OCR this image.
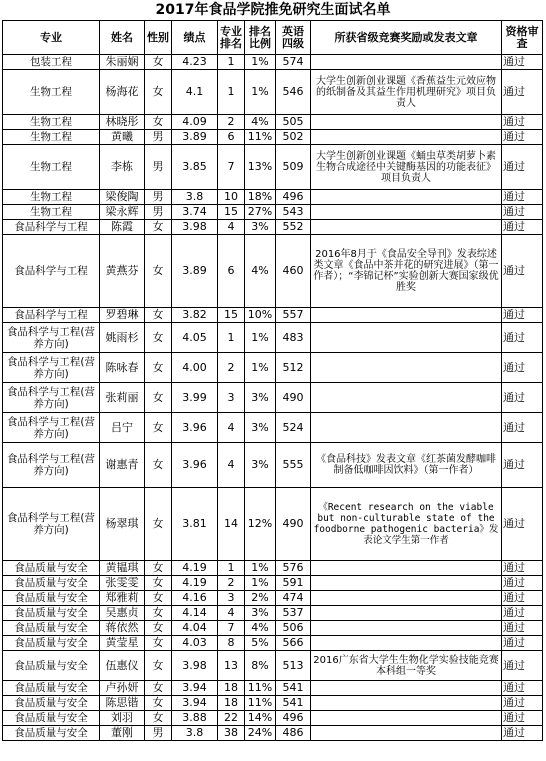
2017年食品学院推免研究生面试名单
专业	姓名	性别	绩点	专业排名	排名比例	英语四级	所获省级竞赛奖励或发表文章	资格审查
包装工程	朱丽娴	女	4.23	1	1%	574		通过
生物工程	杨海花	女	4.1	1	1%	546	大学生创新创业课题《香蕉益生元效应物的纸制备及其益生作用机理研究》项目负责人	通过
生物工程	林晓彤	女	4.09	2	4%	505		通过
生物工程	黄曦	男	3.89	6	11%	502		通过
生物工程	李栋	男	3.85	7	13%	509	大学生创新创业课题《蛹虫草类胡萝卜素生物合成途径中关键酶基因的功能表征》项目负责人	通过
生物工程	梁俊陶	男	3.8	10	18%	496		通过
生物工程	梁永辉	男	3.74	15	27%	543		通过
食品科学与工程	陈霞	女	3.98	4	3%	552		通过
食品科学与工程	黄燕芬	女	3.89	6	4%	460	2016年8月于《食品安全导刊》发表综述类文章《食品中茶并花的研究进展》（第一作者）；“李锦记杯”实验创新大赛国家级优胜奖	通过
食品科学与工程	罗碧琳	女	3.82	15	10%	557		通过
食品科学与工程(营养方向)	姚雨杉	女	4.05	1	1%	483		通过
食品科学与工程(营养方向)	陈咏春	女	4.00	2	1%	512		通过
食品科学与工程(营养方向)	张莉丽	女	3.99	3	3%	490		通过
食品科学与工程(营养方向)	吕宁	女	3.96	4	3%	524		通过
食品科学与工程(营养方向)	谢惠青	女	3.96	4	3%	555	《食品科技》发表文章《红茶菌发酵咖啡制备低咖啡因饮料》（第一作者）	通过
食品科学与工程(营养方向)	杨翠琪	女	3.81	14	12%	490	《Recent research on the viable but non-culturable state of the foodborne pathogenic bacteria》发表论文学生第一作者	通过
食品质量与安全	黄韫琪	女	4.19	1	1%	576		通过
食品质量与安全	张雯雯	女	4.19	2	1%	591		通过
食品质量与安全	郑雅莉	女	4.16	3	2%	474		通过
食品质量与安全	吴惠贞	女	4.14	4	3%	537		通过
食品质量与安全	蒋依然	女	4.04	7	4%	506		通过
食品质量与安全	黄莹星	女	4.03	8	5%	566		通过
食品质量与安全	伍惠仪	女	3.98	13	8%	513	2016广东省大学生生物化学实验技能竞赛本科组一等奖	通过
食品质量与安全	卢孙妍	女	3.94	18	11%	541		通过
食品质量与安全	陈思锴	女	3.94	18	11%	541		通过
食品质量与安全	刘羽	女	3.88	22	14%	496		通过
食品质量与安全	董刚	男	3.8	38	24%	486		通过
